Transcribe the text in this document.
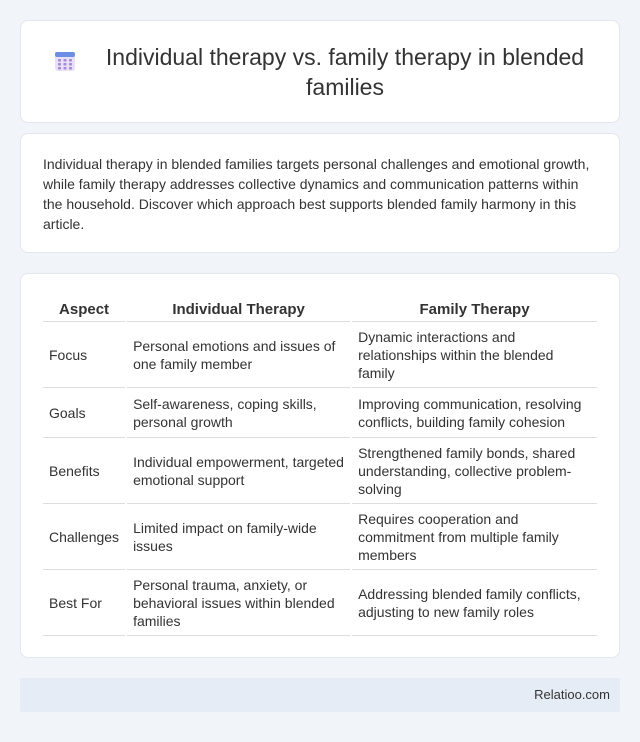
Individual therapy vs. family therapy in blended families

Individual therapy in blended families targets personal challenges and emotional growth, while family therapy addresses collective dynamics and communication patterns within the household. Discover which approach best supports blended family harmony in this article.

Aspect	Individual Therapy	Family Therapy
Focus	Personal emotions and issues of one family member	Dynamic interactions and relationships within the blended family
Goals	Self-awareness, coping skills, personal growth	Improving communication, resolving conflicts, building family cohesion
Benefits	Individual empowerment, targeted emotional support	Strengthened family bonds, shared understanding, collective problem-solving
Challenges	Limited impact on family-wide issues	Requires cooperation and commitment from multiple family members
Best For	Personal trauma, anxiety, or behavioral issues within blended families	Addressing blended family conflicts, adjusting to new family roles
Relatioo.com
